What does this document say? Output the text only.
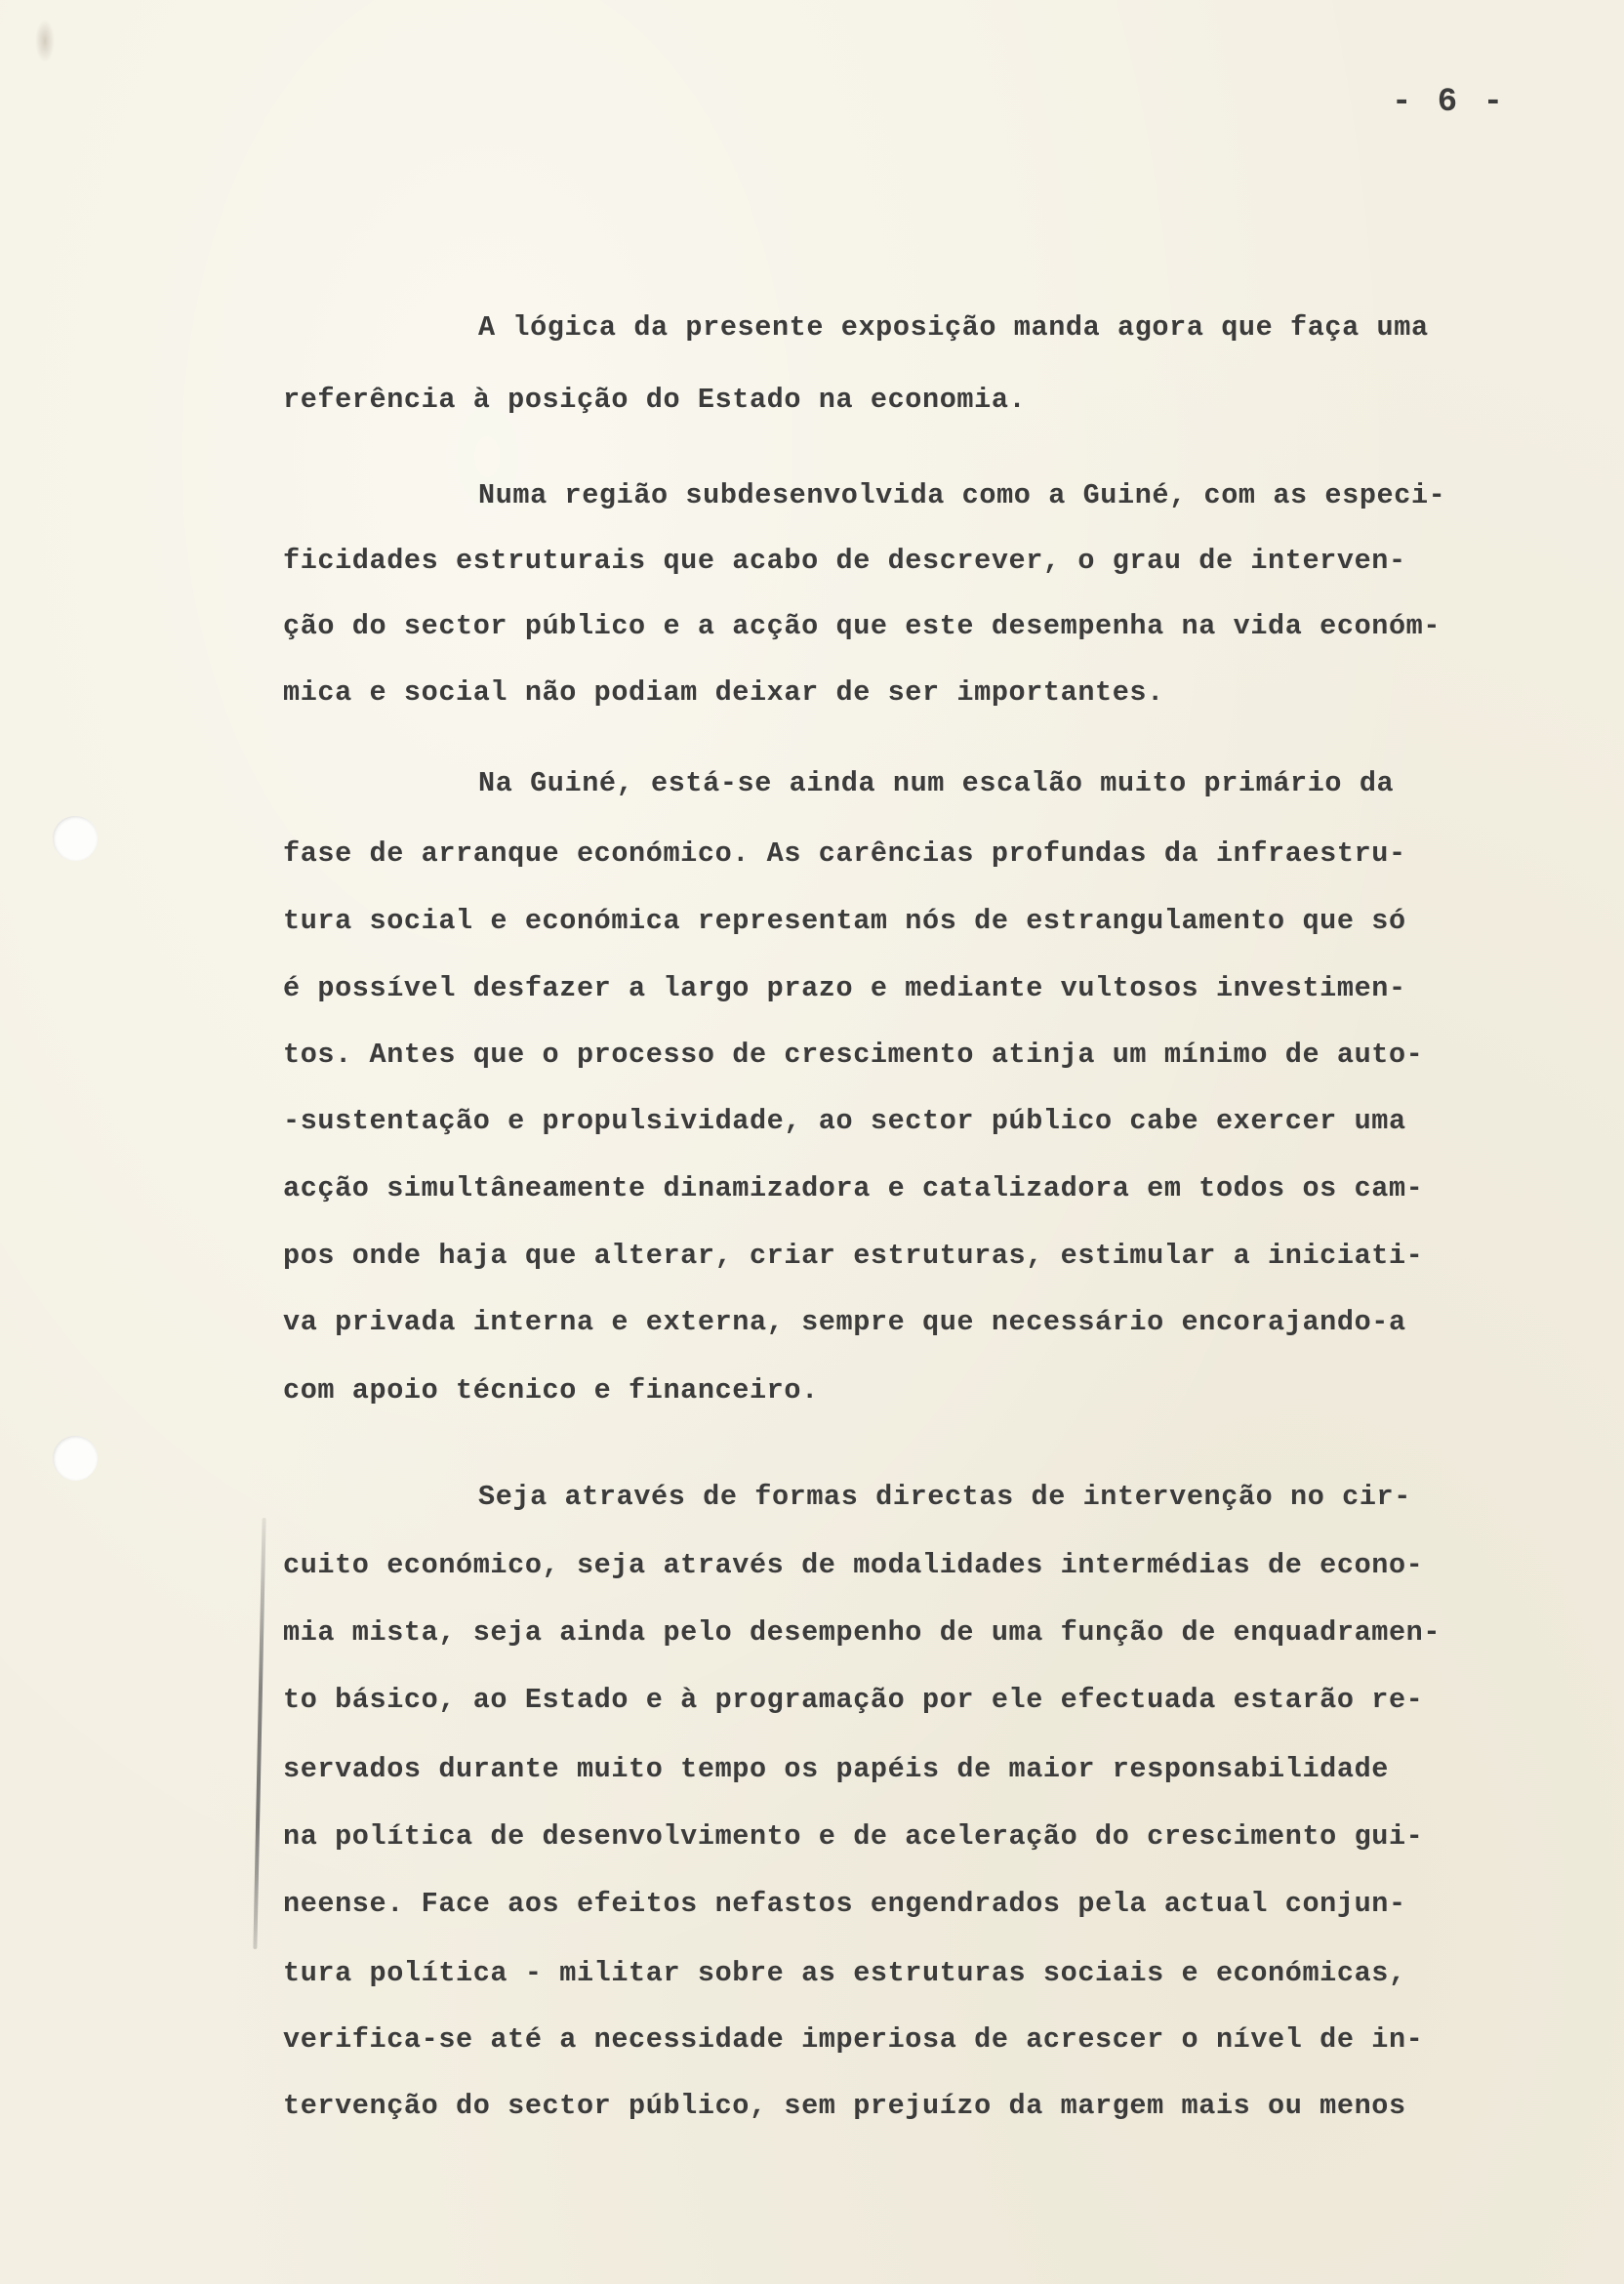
- 6 -

A lógica da presente exposição manda agora que faça uma

referência à posição do Estado na economia.

Numa região subdesenvolvida como a Guiné, com as especi-

ficidades estruturais que acabo de descrever, o grau de interven-

ção do sector público e a acção que este desempenha na vida económ-

mica e social não podiam deixar de ser importantes.

Na Guiné, está-se ainda num escalão muito primário da

fase de arranque económico. As carências profundas da infraestru-

tura social e económica representam nós de estrangulamento que só

é possível desfazer a largo prazo e mediante vultosos investimen-

tos. Antes que o processo de crescimento atinja um mínimo de auto-

-sustentação e propulsividade, ao sector público cabe exercer uma

acção simultâneamente dinamizadora e catalizadora em todos os cam-

pos onde haja que alterar, criar estruturas, estimular a iniciati-

va privada interna e externa, sempre que necessário encorajando-a

com apoio técnico e financeiro.

Seja através de formas directas de intervenção no cir-

cuito económico, seja através de modalidades intermédias de econo-

mia mista, seja ainda pelo desempenho de uma função de enquadramen-

to básico, ao Estado e à programação por ele efectuada estarão re-

servados durante muito tempo os papéis de maior responsabilidade

na política de desenvolvimento e de aceleração do crescimento gui-

neense. Face aos efeitos nefastos engendrados pela actual conjun-

tura política - militar sobre as estruturas sociais e económicas,

verifica-se até a necessidade imperiosa de acrescer o nível de in-

tervenção do sector público, sem prejuízo da margem mais ou menos
